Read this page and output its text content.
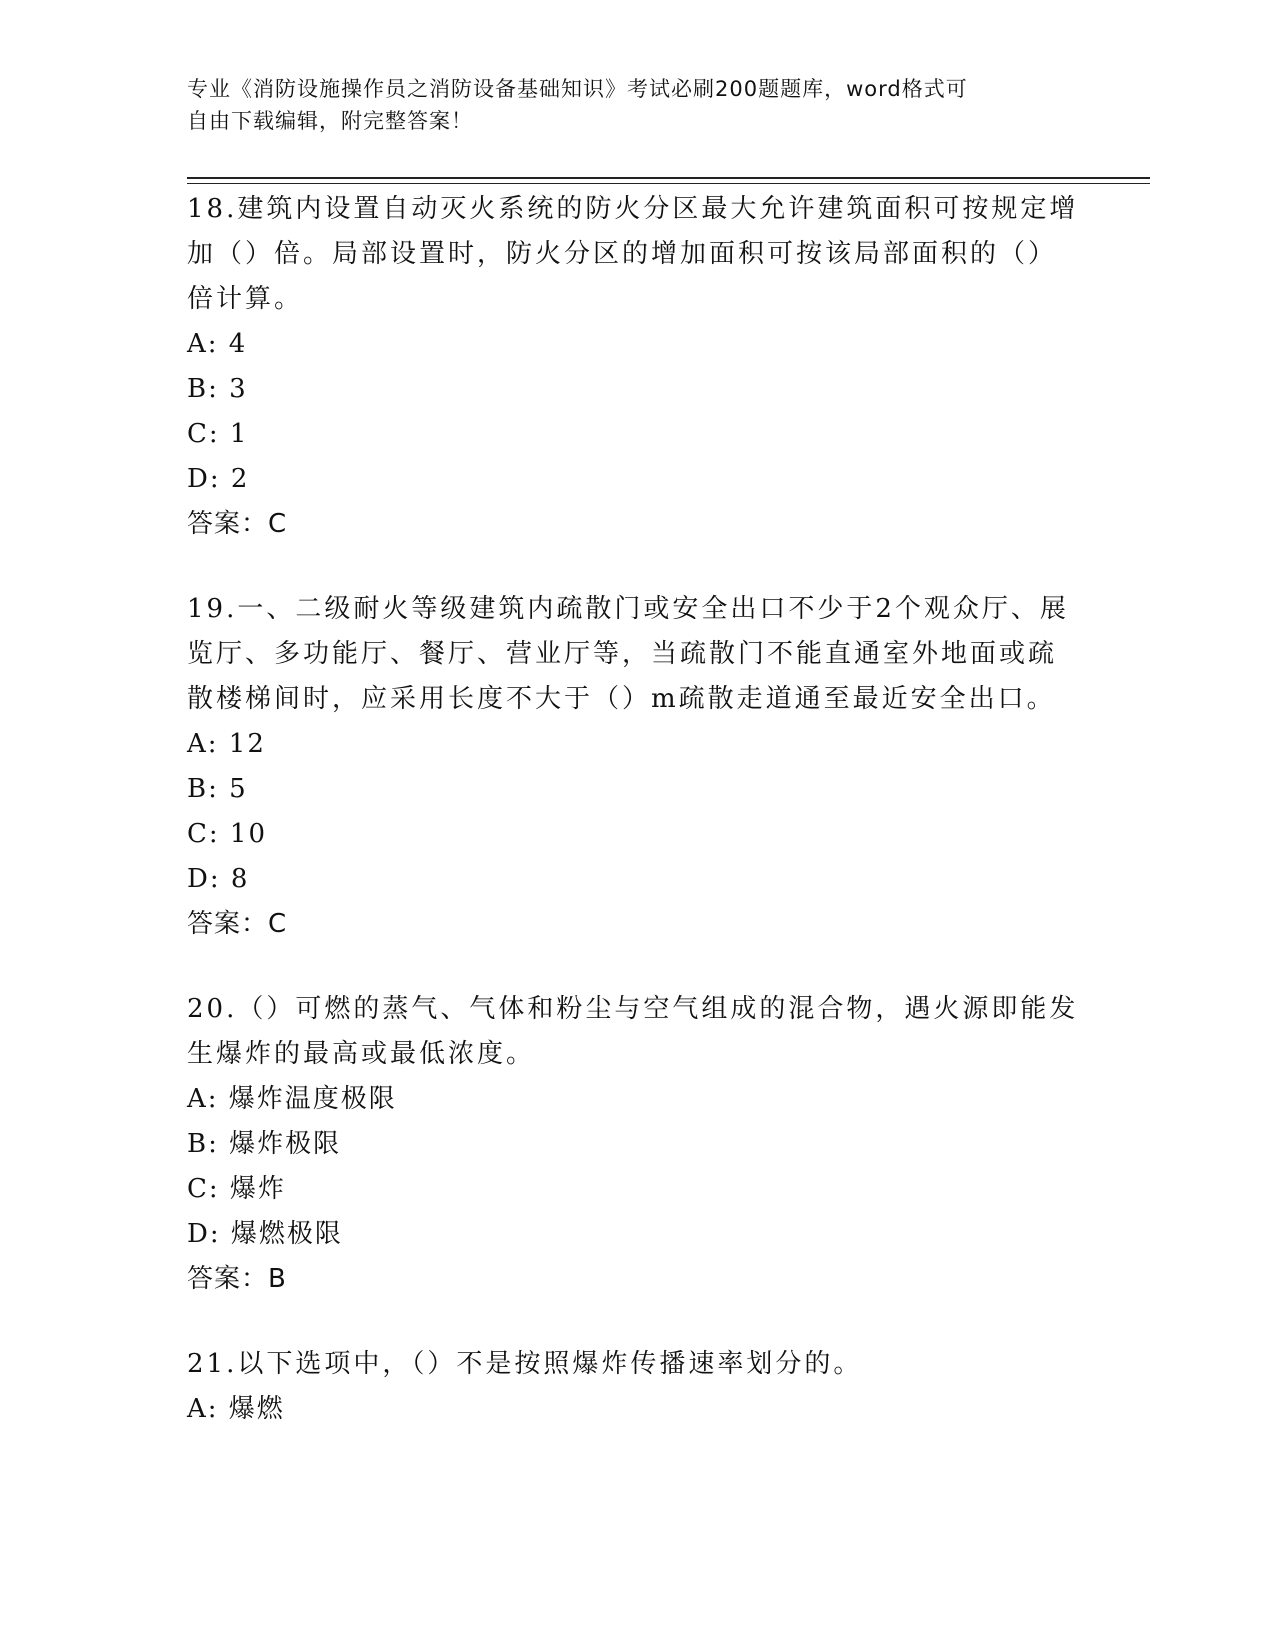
专业《消防设施操作员之消防设备基础知识》考试必刷200题题库，word格式可
自由下载编辑，附完整答案！
18.建筑内设置自动灭火系统的防火分区最大允许建筑面积可按规定增
加（）倍。局部设置时，防火分区的增加面积可按该局部面积的（）
倍计算。
A: 4
B: 3
C: 1
D: 2
答案：C
19.一、二级耐火等级建筑内疏散门或安全出口不少于2个观众厅、展
览厅、多功能厅、餐厅、营业厅等，当疏散门不能直通室外地面或疏
散楼梯间时，应采用长度不大于（）m疏散走道通至最近安全出口。
A: 12
B: 5
C: 10
D: 8
答案：C
20.（）可燃的蒸气、气体和粉尘与空气组成的混合物，遇火源即能发
生爆炸的最高或最低浓度。
A: 爆炸温度极限
B: 爆炸极限
C: 爆炸
D: 爆燃极限
答案：B
21.以下选项中，（）不是按照爆炸传播速率划分的。
A: 爆燃
